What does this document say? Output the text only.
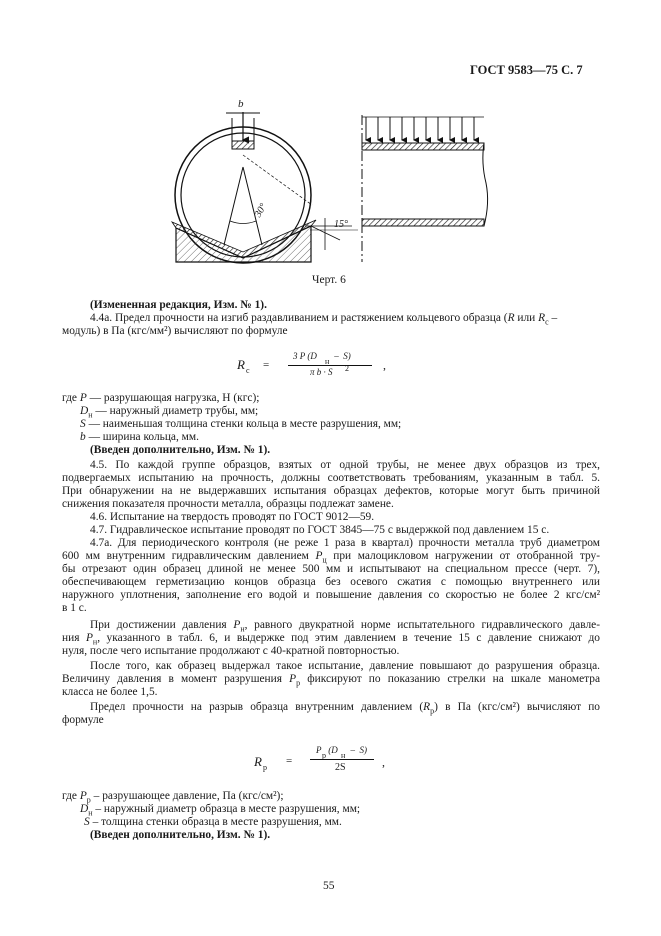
ГОСТ 9583—75 С. 7
b
30°
15°
Черт. 6
(Измененная редакция, Изм. № 1).
4.4а. Предел прочности на изгиб раздавливанием и растяжением кольцевого образца (R или $R_с$ –
модуль) в Па (кгс/мм²) вычисляют по формуле
R с =
3 P (D
н
–  S)
π b · S 2	,
где P — разрушающая нагрузка, Н (кгс);
$D_н$ — наружный диаметр трубы, мм;
S — наименьшая толщина стенки кольца в месте разрушения, мм;
b — ширина кольца, мм.
(Введен дополнительно, Изм. № 1).
4.5. По каждой группе образцов, взятых от одной трубы, не менее двух образцов из трех,
подвергаемых испытанию на прочность, должны соответствовать требованиям, указанным в табл. 5.
При обнаружении на не выдержавших испытания образцах дефектов, которые могут быть причиной
снижения показателя прочности металла, образцы подлежат замене.
4.6. Испытание на твердость проводят по ГОСТ 9012—59.
4.7. Гидравлическое испытание проводят по ГОСТ 3845—75 с выдержкой под давлением 15 с.
4.7а. Для периодического контроля (не реже 1 раза в квартал) прочности металла труб диаметром
600 мм внутренним гидравлическим давлением $P_ц$ при малоцикловом нагружении от отобранной тру-
бы отрезают один образец длиной не менее 500 мм и испытывают на специальном прессе (черт. 7),
обеспечивающем герметизацию концов образца без осевого сжатия с помощью внутреннего или
наружного уплотнения, заполнение его водой и повышение давления со скоростью не более 2 кгс/см²
в 1 с.
При достижении давления $P_н$, равного двукратной норме испытательного гидравлического давле-
ния $P_н$, указанного в табл. 6, и выдержке под этим давлением в течение 15 с давление снижают до
нуля, после чего испытание продолжают с 40-кратной повторностью.
После того, как образец выдержал такое испытание, давление повышают до разрушения образца.
Величину давления в момент разрушения $P_р$ фиксируют по показанию стрелки на шкале манометра
класса не более 1,5.
Предел прочности на разрыв образца внутренним давлением $(R_р)$ в Па (кгс/см²) вычисляют по
формуле
R р
=
P
р
(D
н
–  S)
2S	,
где $P_р$ – разрушающее давление, Па (кгс/см²);
$D_н$ – наружный диаметр образца в месте разрушения, мм;
S – толщина стенки образца в месте разрушения, мм.
(Введен дополнительно, Изм. № 1).
55
